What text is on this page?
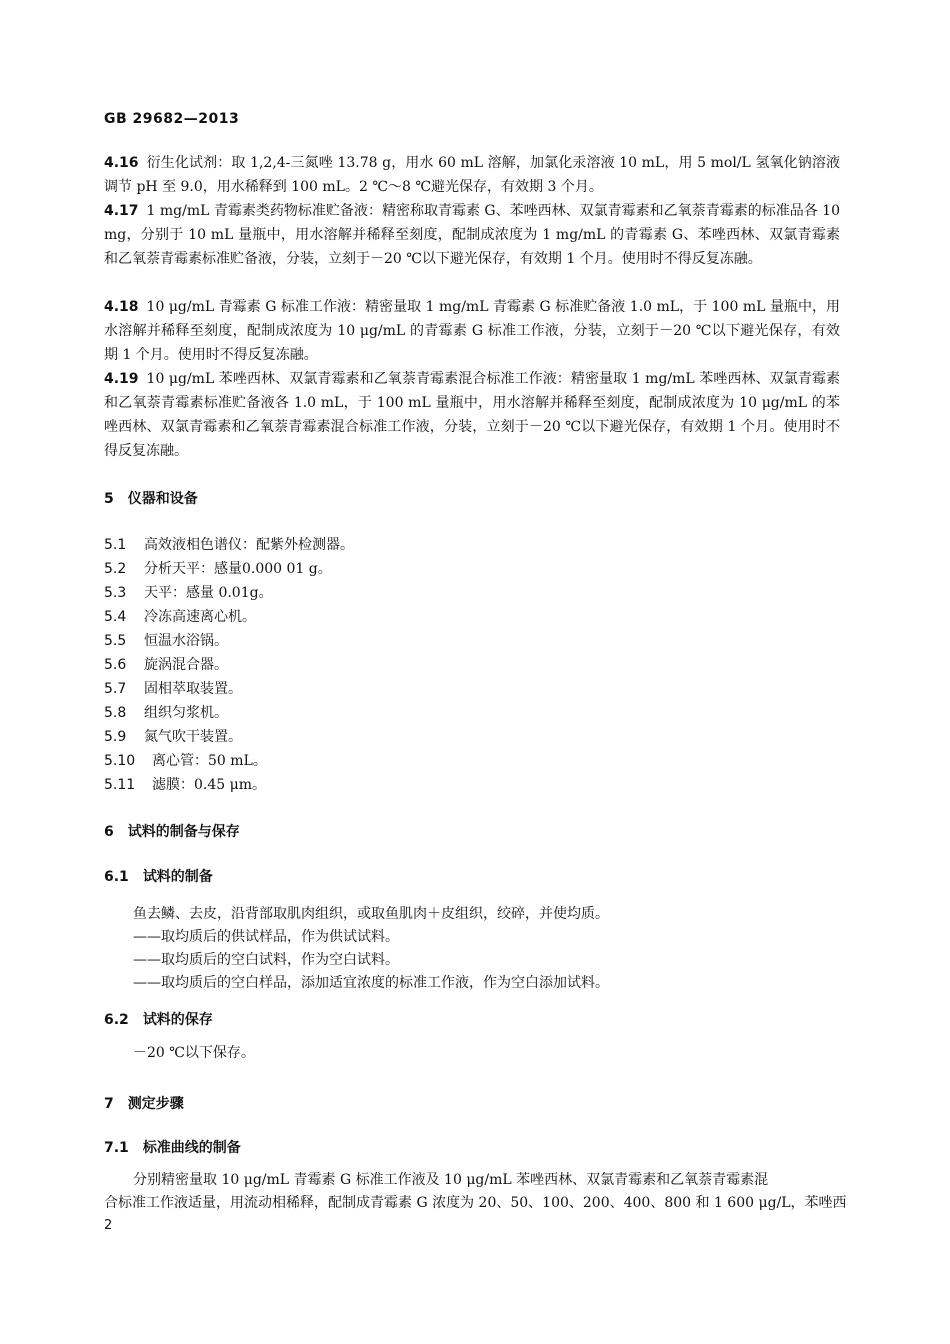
GB 29682—2013
4.16 衍生化试剂：取 1,2,4-三氮唑 13.78 g，用水 60 mL 溶解，加氯化汞溶液 10 mL，用 5 mol/L 氢氧化钠溶液调节 pH 至 9.0，用水稀释到 100 mL。2 ℃～8 ℃避光保存，有效期 3 个月。
4.17 1 mg/mL 青霉素类药物标准贮备液：精密称取青霉素 G、苯唑西林、双氯青霉素和乙氧萘青霉素的标准品各 10 mg，分别于 10 mL 量瓶中，用水溶解并稀释至刻度，配制成浓度为 1 mg/mL 的青霉素 G、苯唑西林、双氯青霉素和乙氧萘青霉素标准贮备液，分装，立刻于－20 ℃以下避光保存，有效期 1 个月。使用时不得反复冻融。
4.18 10 μg/mL 青霉素 G 标准工作液：精密量取 1 mg/mL 青霉素 G 标准贮备液 1.0 mL，于 100 mL 量瓶中，用水溶解并稀释至刻度，配制成浓度为 10 μg/mL 的青霉素 G 标准工作液，分装，立刻于－20 ℃以下避光保存，有效期 1 个月。使用时不得反复冻融。
4.19 10 μg/mL 苯唑西林、双氯青霉素和乙氧萘青霉素混合标准工作液：精密量取 1 mg/mL 苯唑西林、双氯青霉素和乙氧萘青霉素标准贮备液各 1.0 mL，于 100 mL 量瓶中，用水溶解并稀释至刻度，配制成浓度为 10 μg/mL 的苯唑西林、双氯青霉素和乙氧萘青霉素混合标准工作液，分装，立刻于－20 ℃以下避光保存，有效期 1 个月。使用时不得反复冻融。
5 仪器和设备
5.1 高效液相色谱仪：配紫外检测器。
5.2 分析天平：感量0.000 01 g。
5.3 天平：感量 0.01g。
5.4 冷冻高速离心机。
5.5 恒温水浴锅。
5.6 旋涡混合器。
5.7 固相萃取装置。
5.8 组织匀浆机。
5.9 氮气吹干装置。
5.10 离心管：50 mL。
5.11 滤膜：0.45 μm。
6 试料的制备与保存
6.1 试料的制备
鱼去鳞、去皮，沿背部取肌肉组织，或取鱼肌肉＋皮组织，绞碎，并使均质。
——取均质后的供试样品，作为供试试料。
——取均质后的空白试料，作为空白试料。
——取均质后的空白样品，添加适宜浓度的标准工作液，作为空白添加试料。
6.2 试料的保存
－20 ℃以下保存。
7 测定步骤
7.1 标准曲线的制备
分别精密量取 10 μg/mL 青霉素 G 标准工作液及 10 μg/mL 苯唑西林、双氯青霉素和乙氧萘青霉素混
合标准工作液适量，用流动相稀释，配制成青霉素 G 浓度为 20、50、100、200、400、800 和 1 600 μg/L，苯唑西
2
